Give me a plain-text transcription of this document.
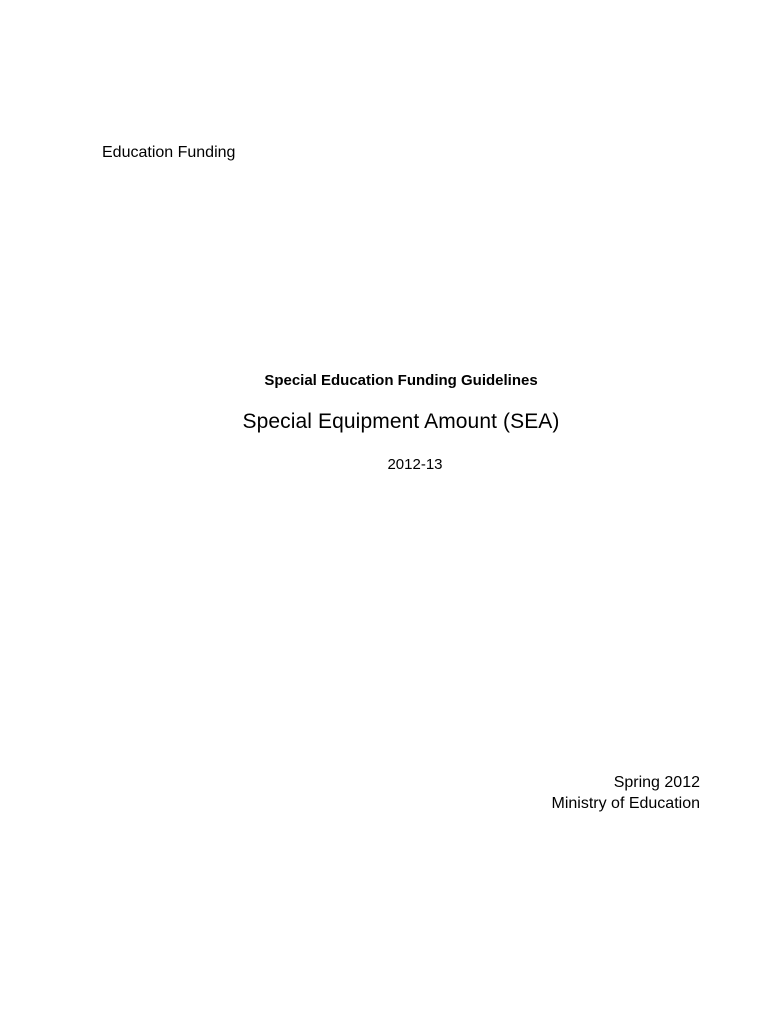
Education Funding
Special Education Funding Guidelines
Special Equipment Amount (SEA)
2012-13
Spring 2012
Ministry of Education
